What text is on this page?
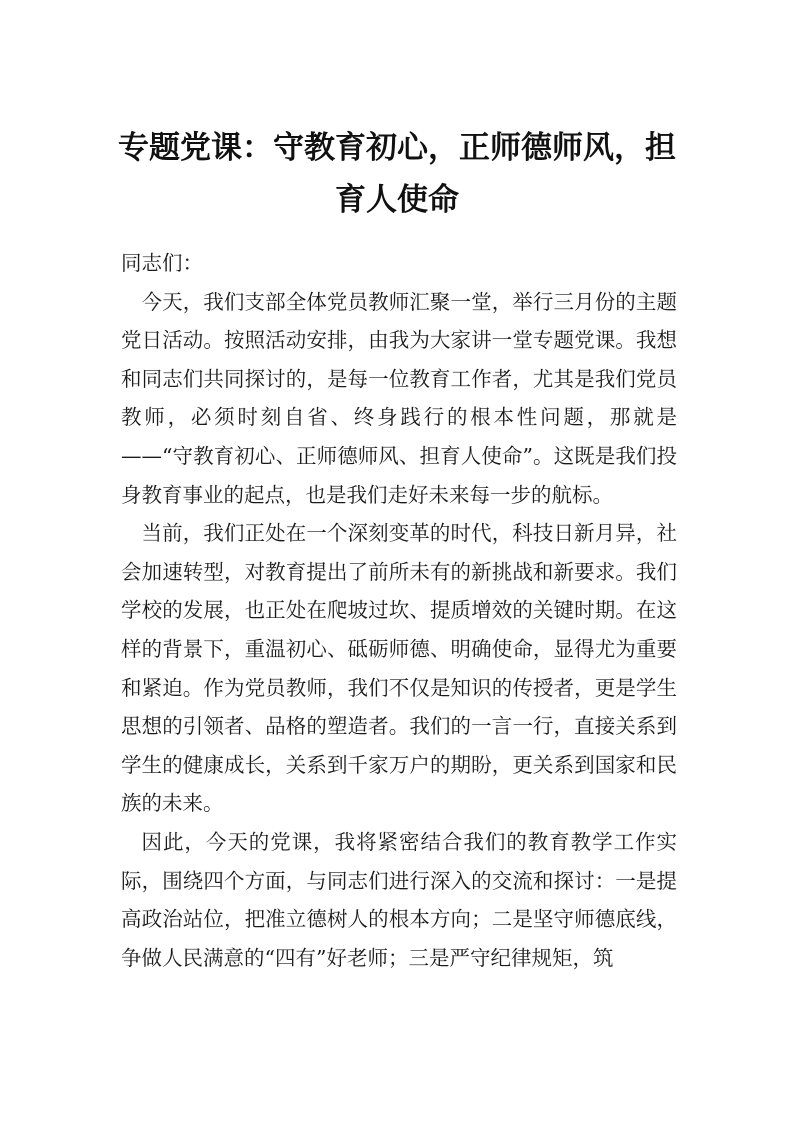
专题党课：守教育初心，正师德师风，担育人使命

同志们：

今天，我们支部全体党员教师汇聚一堂，举行三月份的主题党日活动。按照活动安排，由我为大家讲一堂专题党课。我想和同志们共同探讨的，是每一位教育工作者，尤其是我们党员教师，必须时刻自省、终身践行的根本性问题，那就是——“守教育初心、正师德师风、担育人使命”。这既是我们投身教育事业的起点，也是我们走好未来每一步的航标。

当前，我们正处在一个深刻变革的时代，科技日新月异，社会加速转型，对教育提出了前所未有的新挑战和新要求。我们学校的发展，也正处在爬坡过坎、提质增效的关键时期。在这样的背景下，重温初心、砥砺师德、明确使命，显得尤为重要和紧迫。作为党员教师，我们不仅是知识的传授者，更是学生思想的引领者、品格的塑造者。我们的一言一行，直接关系到学生的健康成长，关系到千家万户的期盼，更关系到国家和民族的未来。

因此，今天的党课，我将紧密结合我们的教育教学工作实际，围绕四个方面，与同志们进行深入的交流和探讨：一是提高政治站位，把准立德树人的根本方向；二是坚守师德底线，争做人民满意的“四有”好老师；三是严守纪律规矩，筑
